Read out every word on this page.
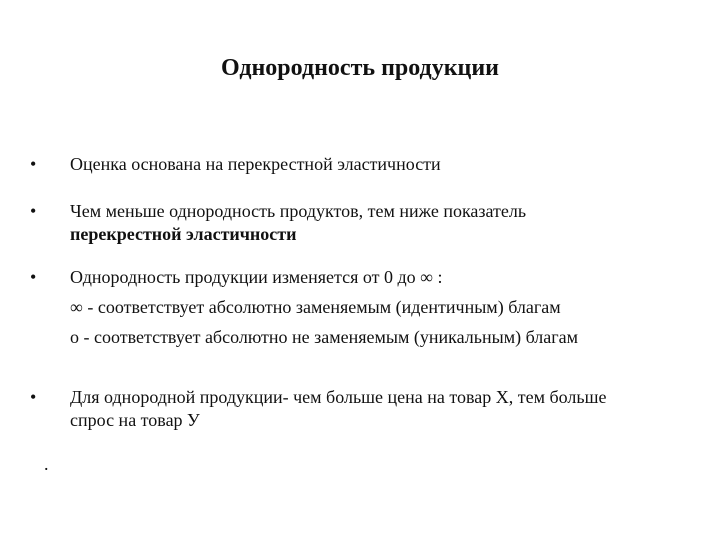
Однородность продукции
• Оценка основана на перекрестной эластичности
• Чем меньше однородность продуктов, тем ниже показатель
перекрестной эластичности
• Однородность продукции изменяется от 0 до ∞ :
∞ - соответствует абсолютно заменяемым (идентичным) благам
о - соответствует абсолютно не заменяемым (уникальным) благам
• Для однородной продукции- чем больше цена на товар Х, тем больше
спрос на товар У
.
